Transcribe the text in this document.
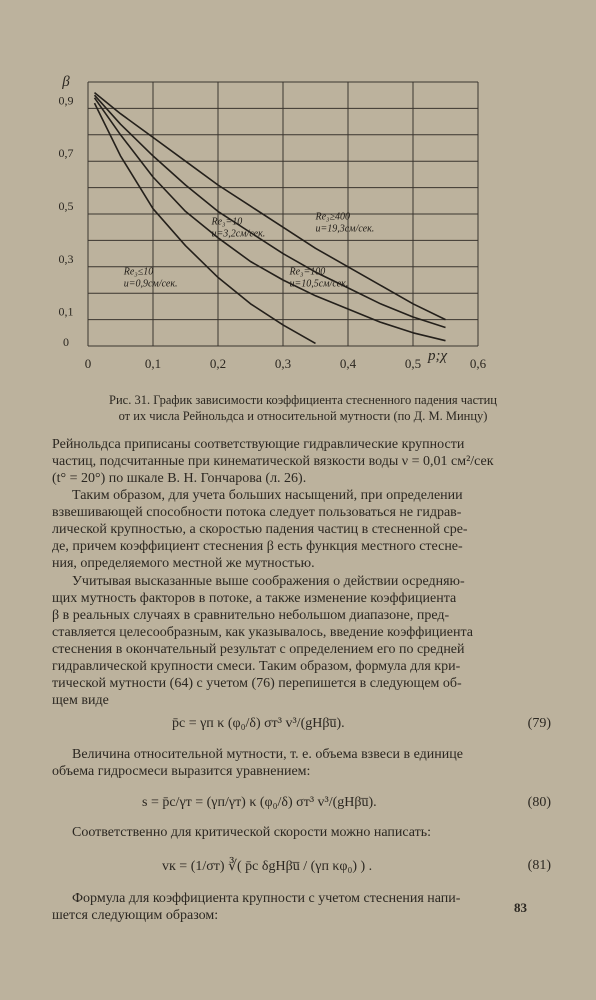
0	0,1	0,2	0,3	0,4	0,5	0,6
0
0,1
0,3
0,5
0,7
0,9
β
p;χ
Re₃≤10
u=0,9см/сек.
Re₃=10
u=3,2см/сек.
Re₃=100
u=10,5см/сек.
Re₃≥400
u=19,3см/сек.
Рис. 31. График зависимости коэффициента стесненного падения частиц
от их числа Рейнольдса и относительной мутности (по Д. М. Минцу)
Рейнольдса приписаны соответствующие гидравлические крупности
частиц, подсчитанные при кинематической вязкости воды ν = 0,01 см²/сек
(t° = 20°) по шкале В. Н. Гончарова (л. 26).
Таким образом, для учета больших насыщений, при определении
взвешивающей способности потока следует пользоваться не гидрав-
лической крупностью, а скоростью падения частиц в стесненной сре-
де, причем коэффициент стеснения β есть функция местного стесне-
ния, определяемого местной же мутностью.
Учитывая высказанные выше соображения о действии осредняю-
щих мутность факторов в потоке, а также изменение коэффициента
β в реальных случаях в сравнительно небольшом диапазоне, пред-
ставляется целесообразным, как указывалось, введение коэффициента
стеснения в окончательный результат с определением его по средней
гидравлической крупности смеси. Таким образом, формула для кри-
тической мутности (64) с учетом (76) перепишется в следующем об-
щем виде
p̄с = γп κ (φ₀/δ) σт³ v³/(gHβu̅).	(79)
Величина относительной мутности, т. е. объема взвеси в единице
объема гидросмеси выразится уравнением:
s = p̄с/γт = (γп/γт) κ (φ₀/δ) σт³ v³/(gHβu̅).	(80)
Соответственно для критической скорости можно написать:
vк = (1/σт) ∛( p̄с δgHβu̅ / (γп κφ₀) ) .	(81)
Формула для коэффициента крупности с учетом стеснения напи-
шется следующим образом:
83
